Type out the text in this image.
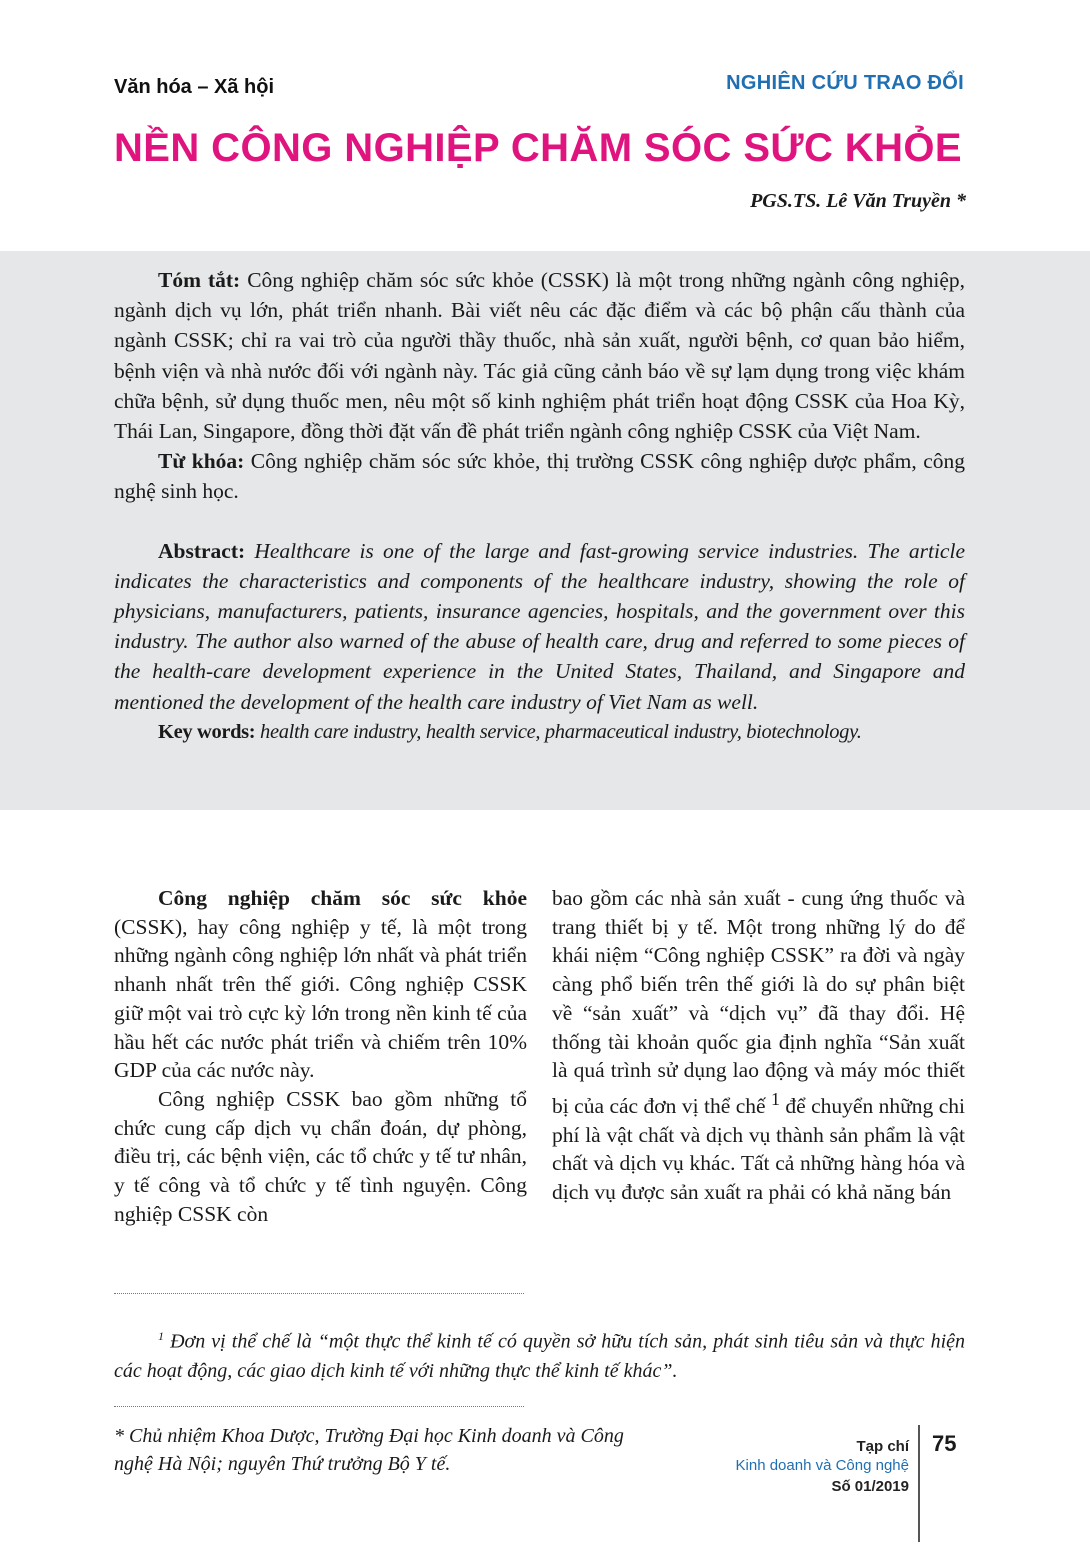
Văn hóa – Xã hội	NGHIÊN CỨU TRAO ĐỔI
NỀN CÔNG NGHIỆP CHĂM SÓC SỨC KHỎE
PGS.TS. Lê Văn Truyền *

Tóm tắt: Công nghiệp chăm sóc sức khỏe (CSSK) là một trong những ngành công nghiệp, ngành dịch vụ lớn, phát triển nhanh. Bài viết nêu các đặc điểm và các bộ phận cấu thành của ngành CSSK; chỉ ra vai trò của người thầy thuốc, nhà sản xuất, người bệnh, cơ quan bảo hiểm, bệnh viện và nhà nước đối với ngành này. Tác giả cũng cảnh báo về sự lạm dụng trong việc khám chữa bệnh, sử dụng thuốc men, nêu một số kinh nghiệm phát triển hoạt động CSSK của Hoa Kỳ, Thái Lan, Singapore, đồng thời đặt vấn đề phát triển ngành công nghiệp CSSK của Việt Nam.

Từ khóa: Công nghiệp chăm sóc sức khỏe, thị trường CSSK công nghiệp dược phẩm, công nghệ sinh học.

Abstract: Healthcare is one of the large and fast-growing service industries. The article indicates the characteristics and components of the healthcare industry, showing the role of physicians, manufacturers, patients, insurance agencies, hospitals, and the government over this industry. The author also warned of the abuse of health care, drug and referred to some pieces of the health-care development experience in the United States, Thailand, and Singapore and mentioned the development of the health care industry of Viet Nam as well.

Key words: health care industry, health service, pharmaceutical industry, biotechnology.

Công nghiệp chăm sóc sức khỏe (CSSK), hay công nghiệp y tế, là một trong những ngành công nghiệp lớn nhất và phát triển nhanh nhất trên thế giới. Công nghiệp CSSK giữ một vai trò cực kỳ lớn trong nền kinh tế của hầu hết các nước phát triển và chiếm trên 10% GDP của các nước này.

Công nghiệp CSSK bao gồm những tổ chức cung cấp dịch vụ chẩn đoán, dự phòng, điều trị, các bệnh viện, các tổ chức y tế tư nhân, y tế công và tổ chức y tế tình nguyện. Công nghiệp CSSK còn

bao gồm các nhà sản xuất - cung ứng thuốc và trang thiết bị y tế. Một trong những lý do để khái niệm “Công nghiệp CSSK” ra đời và ngày càng phổ biến trên thế giới là do sự phân biệt về “sản xuất” và “dịch vụ” đã thay đổi. Hệ thống tài khoản quốc gia định nghĩa “Sản xuất là quá trình sử dụng lao động và máy móc thiết bị của các đơn vị thể chế $^1$ để chuyển những chi phí là vật chất và dịch vụ thành sản phẩm là vật chất và dịch vụ khác. Tất cả những hàng hóa và dịch vụ được sản xuất ra phải có khả năng bán

$^1$ Đơn vị thể chế là “một thực thể kinh tế có quyền sở hữu tích sản, phát sinh tiêu sản và thực hiện các hoạt động, các giao dịch kinh tế với những thực thể kinh tế khác”.
* Chủ nhiệm Khoa Dược, Trường Đại học Kinh doanh và Công nghệ Hà Nội; nguyên Thứ trưởng Bộ Y tế.
Tạp chí
Kinh doanh và Công nghệ
Số 01/2019
75
